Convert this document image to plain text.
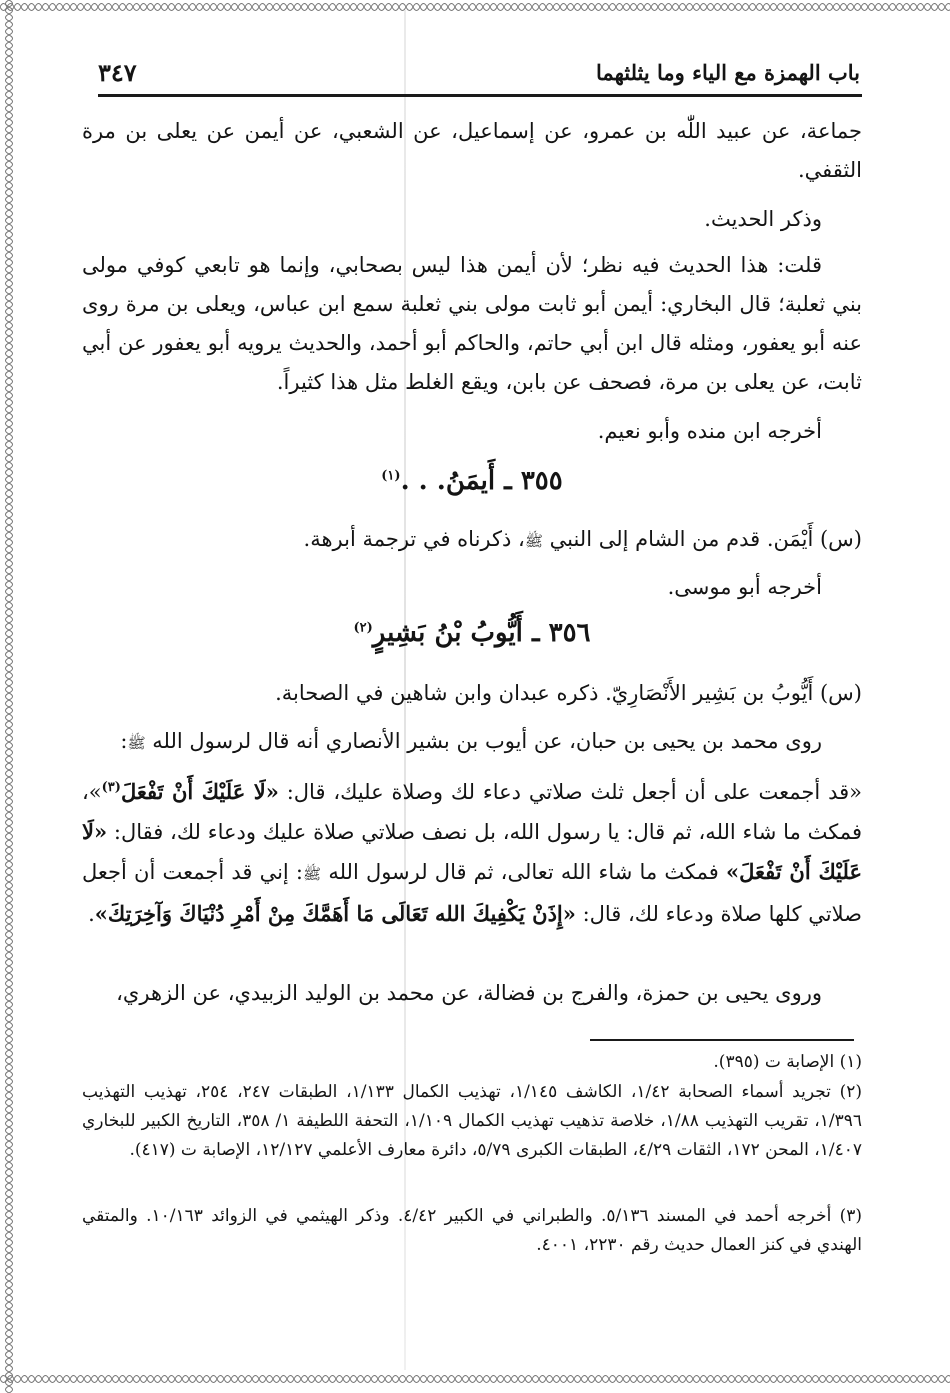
باب الهمزة مع الياء وما يثلثهما
٣٤٧
جماعة، عن عبيد اللّٰه بن عمرو، عن إسماعيل، عن الشعبي، عن أيمن عن يعلى بن مرة الثقفي.
وذكر الحديث.
قلت: هذا الحديث فيه نظر؛ لأن أيمن هذا ليس بصحابي، وإنما هو تابعي كوفي مولى بني ثعلبة؛ قال البخاري: أيمن أبو ثابت مولى بني ثعلبة سمع ابن عباس، ويعلى بن مرة روى عنه أبو يعفور، ومثله قال ابن أبي حاتم، والحاكم أبو أحمد، والحديث يرويه أبو يعفور عن أبي ثابت، عن يعلى بن مرة، فصحف عن بابن، ويقع الغلط مثل هذا كثيراً.
أخرجه ابن منده وأبو نعيم.
٣٥٥ ـ أَيمَنُ. . .$^{(١)}$
(س) أَيْمَن. قدم من الشام إلى النبي ﷺ، ذكرناه في ترجمة أبرهة.
أخرجه أبو موسى.
٣٥٦ ـ أَيُّوبُ بْنُ بَشِيرٍ$^{(٢)}$
(س) أَيُّوبُ بن بَشِير الأَنْصَارِيّ. ذكره عبدان وابن شاهين في الصحابة.
روى محمد بن يحيى بن حبان، عن أيوب بن بشير الأنصاري أنه قال لرسول الله ﷺ:
«قد أجمعت على أن أجعل ثلث صلاتي دعاء لك وصلاة عليك، قال: «لَا عَلَيْكَ أَنْ تَفْعَلَ$^{(٣)}$»، فمكث ما شاء الله، ثم قال: يا رسول الله، بل نصف صلاتي صلاة عليك ودعاء لك، فقال: «لَا عَلَيْكَ أَنْ تَفْعَلَ» فمكث ما شاء الله تعالى، ثم قال لرسول الله ﷺ: إني قد أجمعت أن أجعل صلاتي كلها صلاة ودعاء لك، قال: «إِذَنْ يَكْفِيكَ الله تَعَالَى مَا أَهَمَّكَ مِنْ أَمْرِ دُنْيَاكَ وَآخِرَتِكَ».
وروى يحيى بن حمزة، والفرج بن فضالة، عن محمد بن الوليد الزبيدي، عن الزهري،
(١) الإصابة ت (٣٩٥).
(٢) تجريد أسماء الصحابة ١/٤٢، الكاشف ١/١٤٥، تهذيب الكمال ١/١٣٣، الطبقات ٢٤٧، ٢٥٤، تهذيب التهذيب ١/٣٩٦، تقريب التهذيب ١/٨٨، خلاصة تذهيب تهذيب الكمال ١/١٠٩، التحفة اللطيفة ١/ ٣٥٨، التاريخ الكبير للبخاري ١/٤٠٧، المحن ١٧٢، الثقات ٤/٢٩، الطبقات الكبرى ٥/٧٩، دائرة معارف الأعلمي ١٢/١٢٧، الإصابة ت (٤١٧).
(٣) أخرجه أحمد في المسند ٥/١٣٦. والطبراني في الكبير ٤/٤٢. وذكر الهيثمي في الزوائد ١٠/١٦٣. والمتقي الهندي في كنز العمال حديث رقم ٢٢٣٠، ٤٠٠١.
